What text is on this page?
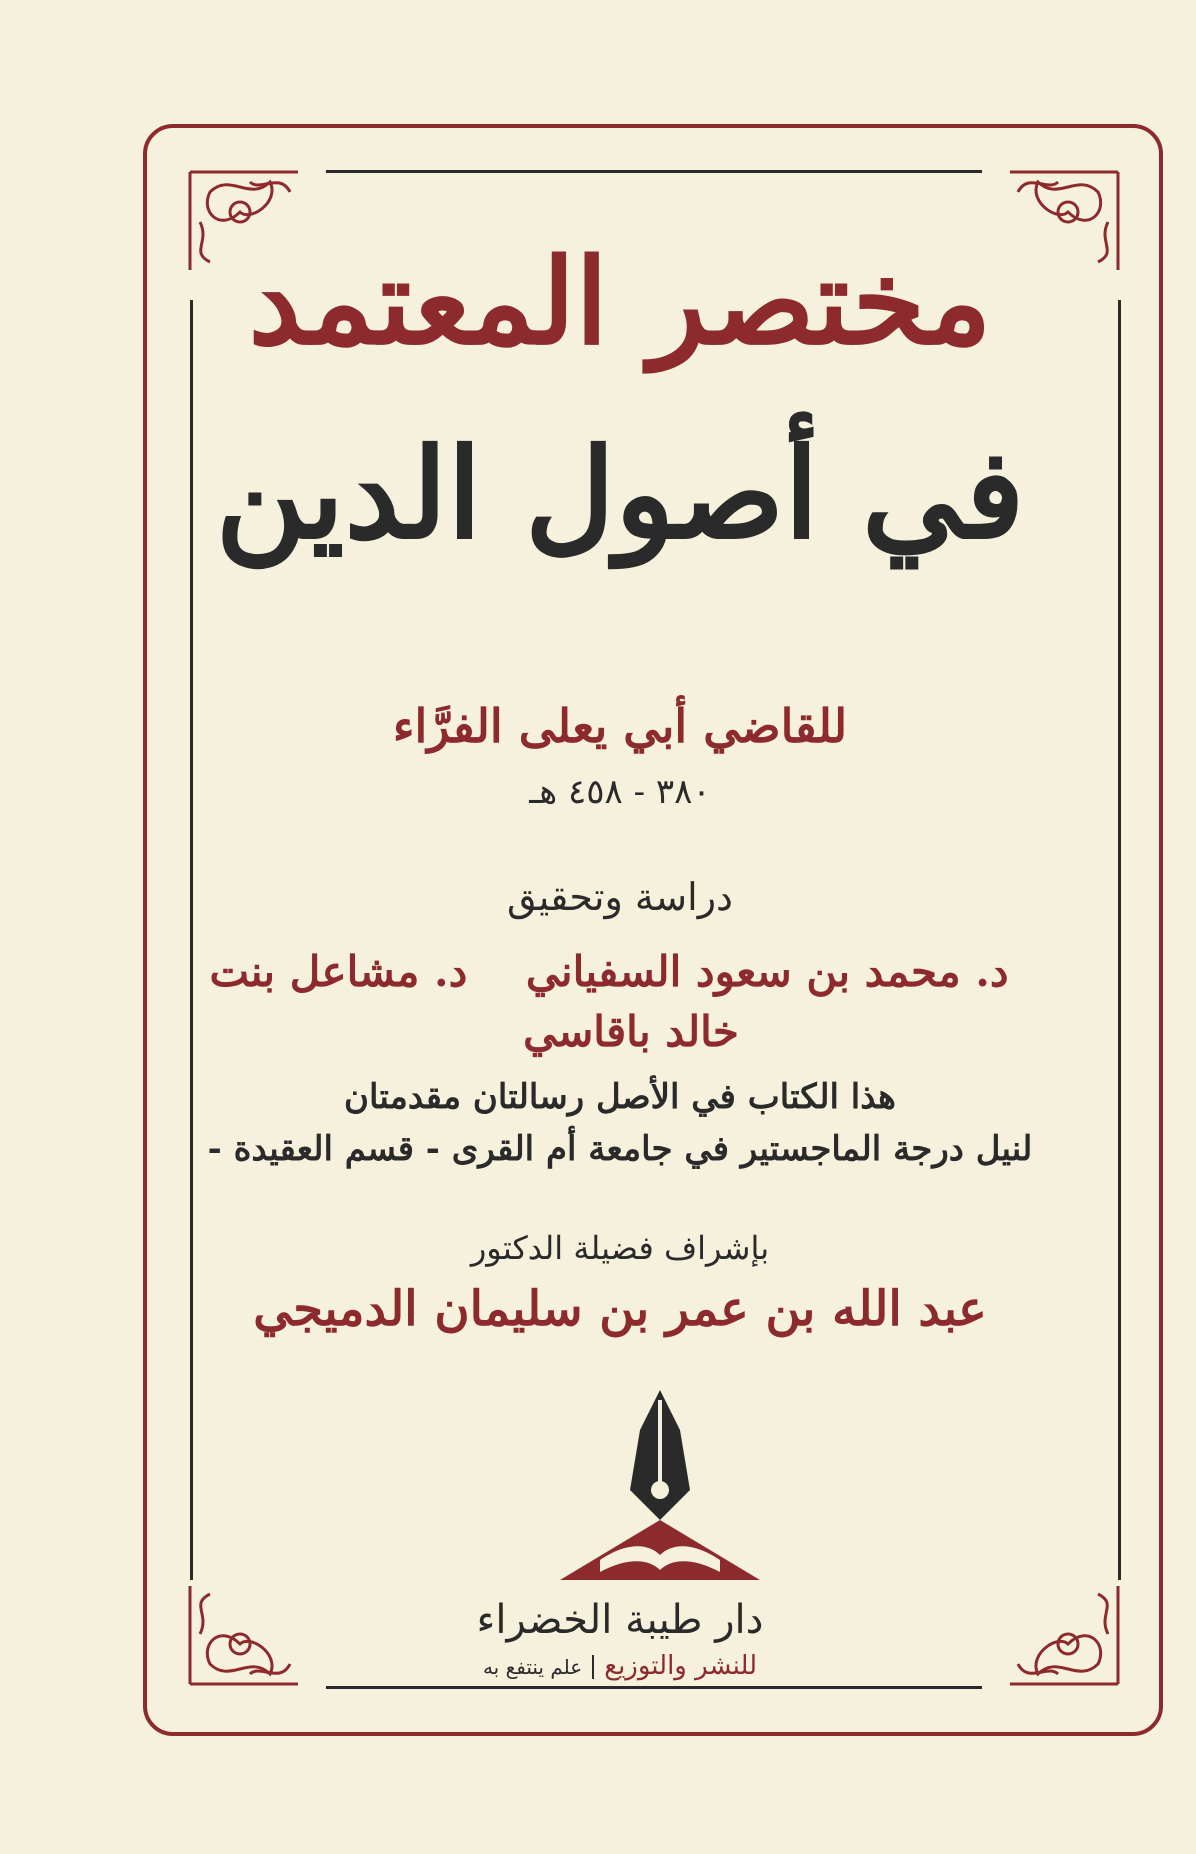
مختصر المعتمد
في أصول الدين
للقاضي أبي يعلى الفرَّاء
٣٨٠ - ٤٥٨ هـ
دراسة وتحقيق
د. محمد بن سعود السفياني د. مشاعل بنت خالد باقاسي
هذا الكتاب في الأصل رسالتان مقدمتان
لنيل درجة الماجستير في جامعة أم القرى - قسم العقيدة -
بإشراف فضيلة الدكتور
عبد الله بن عمر بن سليمان الدميجي
دار طيبة الخضراء
للنشر والتوزيععلم ينتفع به
